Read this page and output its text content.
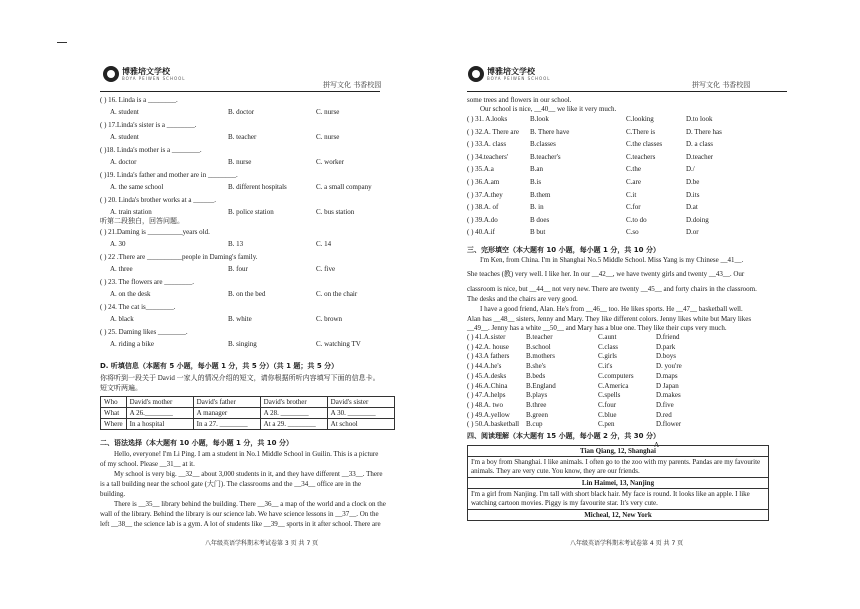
博雅培文学校
BOYA PEIWEN SCHOOL
拼写文化 书香校园
( ) 16. Linda is a ________.
A. student	B. doctor	C. nurse
( ) 17.Linda's sister is a ________.
A. student	B. teacher	C. nurse
( )18. Linda's mother is a ________.
A. doctor	B. nurse	C. worker
( )19. Linda's father and mother are in ________.
A. the same school	B. different hospitals	C. a small company
( ) 20. Linda's brother works at a ______.
A. train station	B. police station	C. bus station
听第二段独白，回答问题。
( ) 21.Daming is __________years old.
A. 30	B. 13	C. 14
( ) 22 .There are __________people in Daming's family.
A. three	B. four	C. five
( ) 23. The flowers are ________.
A. on the desk	B. on the bed	C. on the chair
( ) 24. The cat is________.
A. black	B. white	C. brown
( ) 25. Daming likes ________.
A. riding a bike	B. singing	C. watching TV
D. 听填信息（本题有 5 小题，每小题 1 分，共 5 分）（共 1 题；共 5 分）
你将听到一段关于 David 一家人的情况介绍的短文，请你根据所听内容填写下面的信息卡。
短文听两遍。
Who	David's mother	David's father	David's brother	David's sister
What	A 26.________	A manager	A 28. ________	A 30. ________
Where	In a hospital	In a 27. ________	At a 29. ________	At school
二、语法选择（本大题有 10 小题，每小题 1 分，共 10 分）
Hello, everyone! I'm Li Ping. I am a student in No.1 Middle School in Guilin. This is a picture
of my school. Please __31__ at it.
My school is very big. __32__ about 3,000 students in it, and they have different __33__. There
is a tall building near the school gate (大门). The classrooms and the __34__ office are in the
building.
There is __35__ library behind the building. There __36__ a map of the world and a clock on the
wall of the library. Behind the library is our science lab. We have science lessons in __37__. On the
left __38__ the science lab is a gym. A lot of students like __39__ sports in it after school. There are
八年级英语学科期末考试卷第 3 页 共 7 页
博雅培文学校
BOYA PEIWEN SCHOOL
拼写文化 书香校园
some trees and flowers in our school.
Our school is nice, __40__ we like it very much.
( ) 31. A.looks	B.look	C.looking	D.to look
( ) 32.A. There are B. There have	C.There is	D. There has
( ) 33.A. class	B.classes	C.the classes	D. a class
( ) 34.teachers'	B.teacher's	C.teachers	D.teacher
( ) 35.A.a	B.an	C.the	D./
( ) 36.A.am	B.is	C.are	D.be
( ) 37.A.they	B.them	C.it	D.its
( ) 38.A. of	B. in	C.for	D.at
( ) 39.A.do	B does	C.to do	D.doing
( ) 40.A.if	B but	C.so	D.or
三、完形填空（本大题有 10 小题，每小题 1 分，共 10 分）
I'm Ken, from China. I'm in Shanghai No.5 Middle School. Miss Yang is my Chinese __41__.
She teaches (教) very well. I like her. In our __42__, we have twenty girls and twenty __43__. Our
classroom is nice, but __44__ not very new. There are twenty __45__ and forty chairs in the classroom.
The desks and the chairs are very good.
I have a good friend, Alan. He's from __46__ too. He likes sports. He __47__ basketball well.
Alan has __48__ sisters, Jenny and Mary. They like different colors. Jenny likes white but Mary likes
__49__. Jenny has a white __50__ and Mary has a blue one. They like their cups very much.
( ) 41.A.sister	B.teacher	C.aunt	D.friend
( ) 42.A. house B.school	C.class	D.park
( ) 43.A fathers B.mothers	C.girls	D.boys
( ) 44.A.he's	B.she's	C.it's	D. you're
( ) 45.A.desks	B.beds	C.computers	D.maps
( ) 46.A.China	B.England	C.America	D Japan
( ) 47.A.helps	B.plays	C.spells	D.makes
( ) 48.A. two	B.three	C.four	D.five
( ) 49.A.yellow B.green	C.blue	D.red
( ) 50.A.basketball B.cup	C.pen	D.flower
四、阅读理解（本大题有 15 小题，每小题 2 分，共 30 分）
A
Tian Qiang, 12, Shanghai
I'm a boy from Shanghai. I like animals. I often go to the zoo with my parents. Pandas are my favourite animals. They are very cute. You know, they are our friends.
Lin Haimei, 13, Nanjing
I'm a girl from Nanjing. I'm tall with short black hair. My face is round. It looks like an apple. I like watching cartoon movies. Piggy is my favourite star. It's very cute.
Micheal, 12, New York
八年级英语学科期末考试卷第 4 页 共 7 页
